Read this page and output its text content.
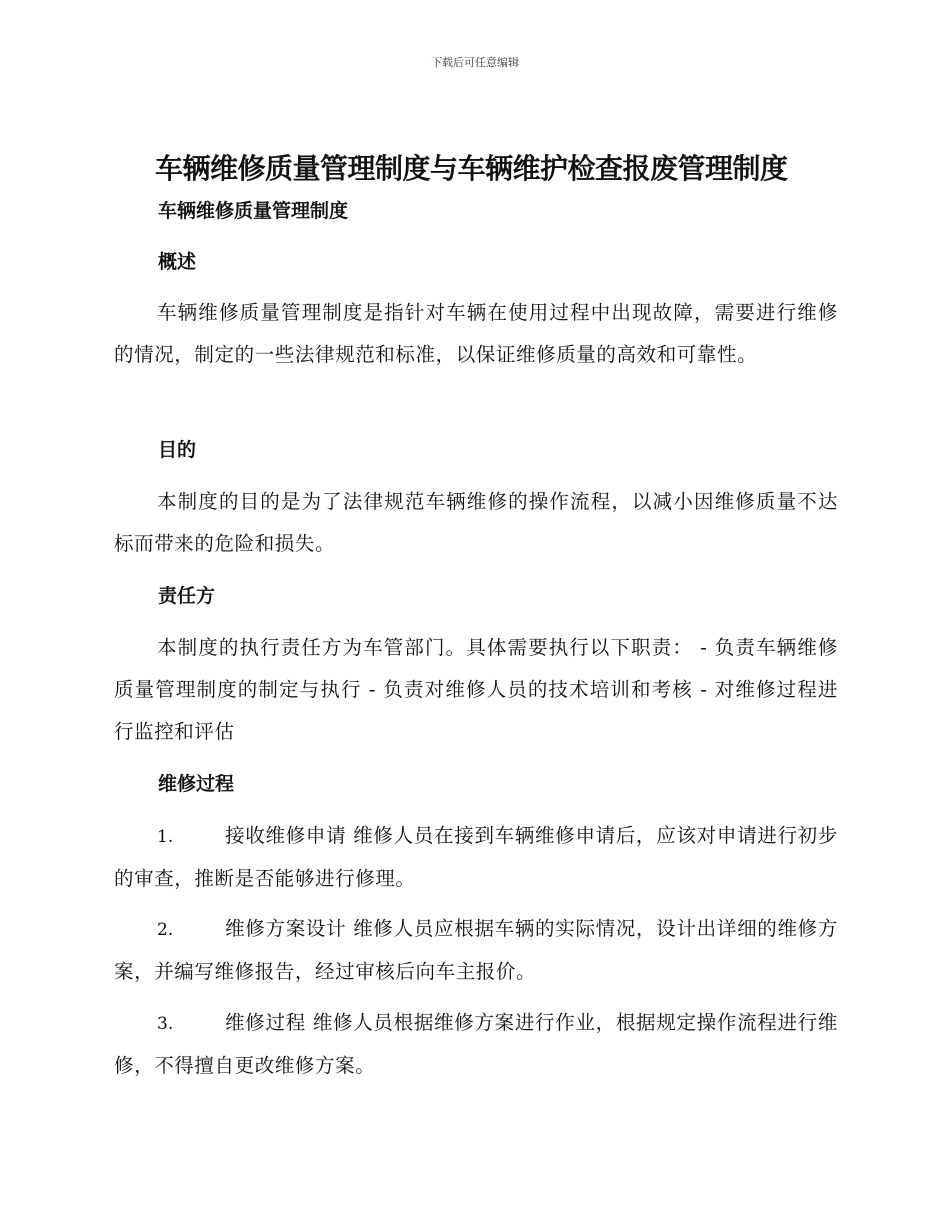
下载后可任意编辑
车辆维修质量管理制度与车辆维护检查报废管理制度
车辆维修质量管理制度
概述

车辆维修质量管理制度是指针对车辆在使用过程中出现故障，需要进行维修的情况，制定的一些法律规范和标准，以保证维修质量的高效和可靠性。

目的

本制度的目的是为了法律规范车辆维修的操作流程，以减小因维修质量不达标而带来的危险和损失。

责任方

本制度的执行责任方为车管部门。具体需要执行以下职责： - 负责车辆维修质量管理制度的制定与执行 - 负责对维修人员的技术培训和考核 - 对维修过程进行监控和评估

维修过程

1.	接收维修申请 维修人员在接到车辆维修申请后，应该对申请进行初步的审查，推断是否能够进行修理。

2.	维修方案设计 维修人员应根据车辆的实际情况，设计出详细的维修方案，并编写维修报告，经过审核后向车主报价。

3.	维修过程 维修人员根据维修方案进行作业，根据规定操作流程进行维修，不得擅自更改维修方案。
